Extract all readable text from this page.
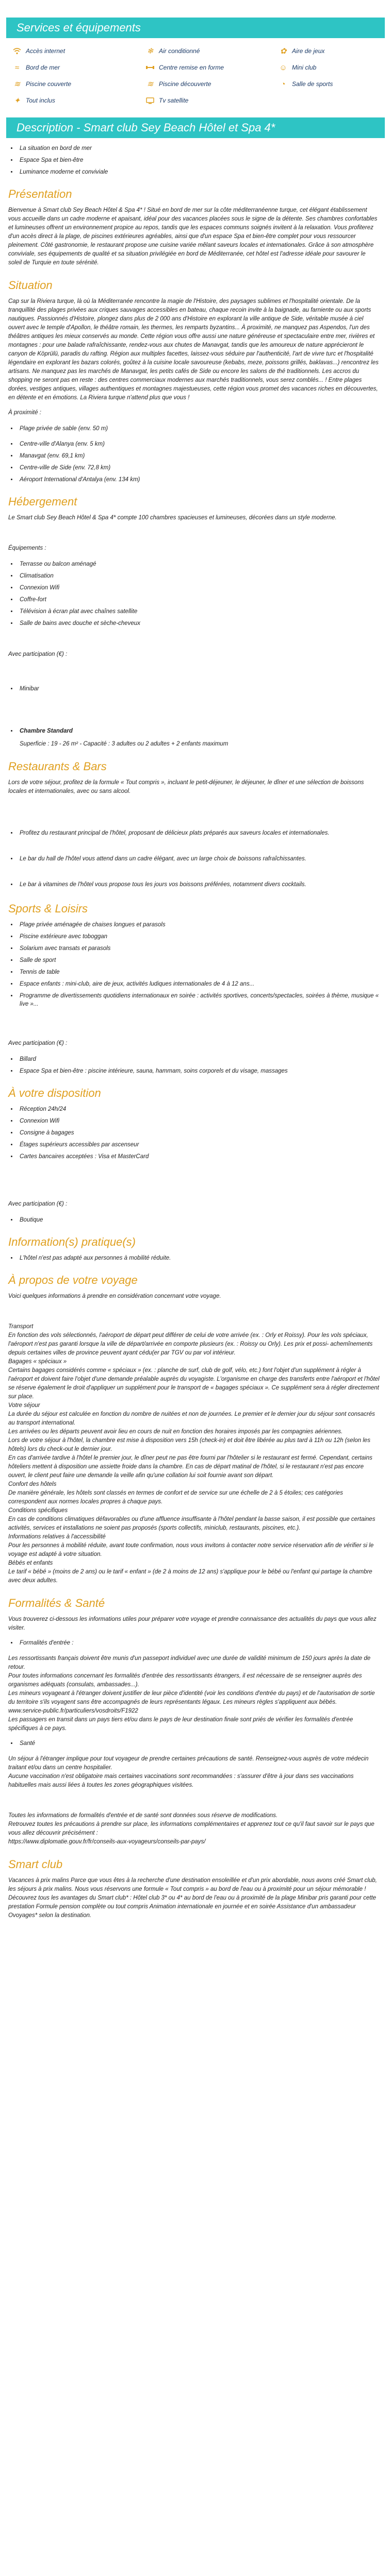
Services et équipements
Accès internet	❄ Air conditionné	✿ Aire de jeux
≈	Bord de mer	Centre remise en forme	☺ Mini club
≋ Piscine couverte	≋ Piscine découverte	◔	Salle de sports
✦ Tout inclus	Tv satellite
Description - Smart club Sey Beach Hôtel et Spa 4*
• La situation en bord de mer
• Espace Spa et bien-être
• Luminance moderne et conviviale
Présentation

Bienvenue à Smart club Sey Beach Hôtel & Spa 4* ! Situé en bord de mer sur la côte méditerranéenne turque, cet élégant établissement vous accueille dans un cadre moderne et apaisant, idéal pour des vacances placées sous le signe de la détente. Ses chambres confortables et lumineuses offrent un environnement propice au repos, tandis que les espaces communs soignés invitent à la relaxation. Vous profiterez d'un accès direct à la plage, de piscines extérieures agréables, ainsi que d'un espace Spa et bien-être complet pour vous ressourcer pleinement. Côté gastronomie, le restaurant propose une cuisine variée mêlant saveurs locales et internationales. Grâce à son atmosphère conviviale, ses équipements de qualité et sa situation privilégiée en bord de Méditerranée, cet hôtel est l'adresse idéale pour savourer le soleil de Turquie en toute sérénité.

Situation

Cap sur la Riviera turque, là où la Méditerranée rencontre la magie de l'Histoire, des paysages sublimes et l'hospitalité orientale. De la tranquillité des plages privées aux criques sauvages accessibles en bateau, chaque recoin invite à la baignade, au farniente ou aux sports nautiques. Passionnés d'Histoire, plongez dans plus de 2 000 ans d'Histoire en explorant la ville antique de Side, véritable musée à ciel ouvert avec le temple d'Apollon, le théâtre romain, les thermes, les remparts byzantins... À proximité, ne manquez pas Aspendos, l'un des théâtres antiques les mieux conservés au monde. Cette région vous offre aussi une nature généreuse et spectaculaire entre mer, rivières et montagnes : pour une balade rafraîchissante, rendez-vous aux chutes de Manavgat, tandis que les amoureux de nature apprécieront le canyon de Köprülü, paradis du rafting. Région aux multiples facettes, laissez-vous séduire par l'authenticité, l'art de vivre turc et l'hospitalité légendaire en explorant les bazars colorés, goûtez à la cuisine locale savoureuse (kebabs, meze, poissons grillés, baklavas...) rencontrez les artisans. Ne manquez pas les marchés de Manavgat, les petits cafés de Side ou encore les salons de thé traditionnels. Les accros du shopping ne seront pas en reste : des centres commerciaux modernes aux marchés traditionnels, vous serez comblés... ! Entre plages dorées, vestiges antiques, villages authentiques et montagnes majestueuses, cette région vous promet des vacances riches en découvertes, en détente et en émotions. La Riviera turque n'attend plus que vous !

À proximité :

• Plage privée de sable (env. 50 m)
• Centre-ville d'Alanya (env. 5 km)
• Manavgat (env. 69,1 km)
• Centre-ville de Side (env. 72,8 km)
• Aéroport International d'Antalya (env. 134 km)
Hébergement

Le Smart club Sey Beach Hôtel & Spa 4* compte 100 chambres spacieuses et lumineuses, décorées dans un style moderne.

Équipements :

• Terrasse ou balcon aménagé
• Climatisation
• Connexion Wifi
• Coffre-fort
• Télévision à écran plat avec chaînes satellite
• Salle de bains avec douche et sèche-cheveux

Avec participation (€) :

• Minibar
• Chambre Standard

Superficie : 19 - 26 m² - Capacité : 3 adultes ou 2 adultes + 2 enfants maximum

Restaurants & Bars

Lors de votre séjour, profitez de la formule « Tout compris », incluant le petit-déjeuner, le déjeuner, le dîner et une sélection de boissons locales et internationales, avec ou sans alcool.

• Profitez du restaurant principal de l'hôtel, proposant de délicieux plats préparés aux saveurs locales et internationales.
• Le bar du hall de l'hôtel vous attend dans un cadre élégant, avec un large choix de boissons rafraîchissantes.
• Le bar à vitamines de l'hôtel vous propose tous les jours vos boissons préférées, notamment divers cocktails.
Sports & Loisirs
• Plage privée aménagée de chaises longues et parasols
• Piscine extérieure avec toboggan
• Solarium avec transats et parasols
• Salle de sport
• Tennis de table
• Espace enfants : mini-club, aire de jeux, activités ludiques internationales de 4 à 12 ans...
• Programme de divertissements quotidiens internationaux en soirée : activités sportives, concerts/spectacles, soirées à thème, musique « live »...

Avec participation (€) :

• Billard
• Espace Spa et bien-être : piscine intérieure, sauna, hammam, soins corporels et du visage, massages
À votre disposition
• Réception 24h/24
• Connexion Wifi
• Consigne à bagages
• Étages supérieurs accessibles par ascenseur
• Cartes bancaires acceptées : Visa et MasterCard

Avec participation (€) :

• Boutique
Information(s) pratique(s)
• L'hôtel n'est pas adapté aux personnes à mobilité réduite.
À propos de votre voyage

Voici quelques informations à prendre en considération concernant votre voyage.

Transport
En fonction des vols sélectionnés, l'aéroport de départ peut différer de celui de votre arrivée (ex. : Orly et Roissy). Pour les vols spéciaux, l'aéroport n'est pas garanti lorsque la ville de départ/arrivée en comporte plusieurs (ex. : Roissy ou Orly). Les prix et possi- achemînements depuis certaines villes de province peuvent ayant cédu(er par TGV ou par vol intérieur.
Bagages « spéciaux »
Certains bagages considérés comme « spéciaux » (ex. : planche de surf, club de golf, vélo, etc.) font l'objet d'un supplément à régler à l'aéroport et doivent faire l'objet d'une demande préalable auprès du voyagiste. L'organisme en charge des transferts entre l'aéroport et l'hôtel se réserve également le droit d'appliquer un supplément pour le transport de « bagages spéciaux ». Ce supplément sera à régler directement sur place.
Votre séjour
La durée du séjour est calculée en fonction du nombre de nuitées et non de journées. Le premier et le dernier jour du séjour sont consacrés au transport international.
Les arrivées ou les départs peuvent avoir lieu en cours de nuit en fonction des horaires imposés par les compagnies aériennes.
Lors de votre séjour à l'hôtel, la chambre est mise à disposition vers 15h (check-in) et doit être libérée au plus tard à 11h ou 12h (selon les hôtels) lors du check-out le dernier jour.
En cas d'arrivée tardive à l'hôtel le premier jour, le dîner peut ne pas être fourni par l'hôtelier si le restaurant est fermé. Cependant, certains hôteliers mettent à disposition une assiette froide dans la chambre. En cas de départ matinal de l'hôtel, si le restaurant n'est pas encore ouvert, le client peut faire une demande la veille afin qu'une collation lui soit fournie avant son départ.
Confort des hôtels
De manière générale, les hôtels sont classés en termes de confort et de service sur une échelle de 2 à 5 étoiles; ces catégories correspondent aux normes locales propres à chaque pays.
Conditions spécifiques
En cas de conditions climatiques défavorables ou d'une affluence insuffisante à l'hôtel pendant la basse saison, il est possible que certaines activités, services et installations ne soient pas proposés (sports collectifs, miniclub, restaurants, piscines, etc.).
Informations relatives à l'accessibilité
Pour les personnes à mobilité réduite, avant toute confirmation, nous vous invitons à contacter notre service réservation afin de vérifier si le voyage est adapté à votre situation.
Bébés et enfants
Le tarif « bébé » (moins de 2 ans) ou le tarif « enfant » (de 2 à moins de 12 ans) s'applique pour le bébé ou l'enfant qui partage la chambre avec deux adultes.
Formalités & Santé

Vous trouverez ci-dessous les informations utiles pour préparer votre voyage et prendre connaissance des actualités du pays que vous allez visiter.

• Formalités d'entrée :
Les ressortissants français doivent être munis d'un passeport individuel avec une durée de validité minimum de 150 jours après la date de retour.
Pour toutes informations concernant les formalités d'entrée des ressortissants étrangers, il est nécessaire de se renseigner auprès des organismes adéquats (consulats, ambassades...).
Les mineurs voyageant à l'étranger doivent justifier de leur pièce d'identité (voir les conditions d'entrée du pays) et de l'autorisation de sortie du territoire s'ils voyagent sans être accompagnés de leurs représentants légaux. Les mineurs règles s'appliquent aux bébés.
www.service-public.fr/particuliers/vosdroits/F1922
Les passagers en transit dans un pays tiers et/ou dans le pays de leur destination finale sont priés de vérifier les formalités d'entrée spécifiques à ce pays.
• Santé
Un séjour à l'étranger implique pour tout voyageur de prendre certaines précautions de santé. Renseignez-vous auprès de votre médecin traitant et/ou dans un centre hospitalier.
Aucune vaccination n'est obligatoire mais certaines vaccinations sont recommandées : s'assurer d'être à jour dans ses vaccinations habituelles mais aussi liées à toutes les zones géographiques visitées.
Toutes les informations de formalités d'entrée et de santé sont données sous réserve de modifications.
Retrouvez toutes les précautions à prendre sur place, les informations complémentaires et apprenez tout ce qu'il faut savoir sur le pays que vous allez découvrir précisément :
https://www.diplomatie.gouv.fr/fr/conseils-aux-voyageurs/conseils-par-pays/
Smart club

Vacances à prix malins Parce que vous êtes à la recherche d'une destination ensoleillée et d'un prix abordable, nous avons créé Smart club, les séjours à prix malins. Nous vous réservons une formule « Tout compris » au bord de l'eau ou à proximité pour un séjour mémorable ! Découvrez tous les avantages du Smart club* : Hôtel club 3* ou 4* au bord de l'eau ou à proximité de la plage Minibar pris garanti pour cette prestation Formule pension complète ou tout compris Animation internationale en journée et en soirée Assistance d'un ambassadeur Ovoyages* selon la destination.
